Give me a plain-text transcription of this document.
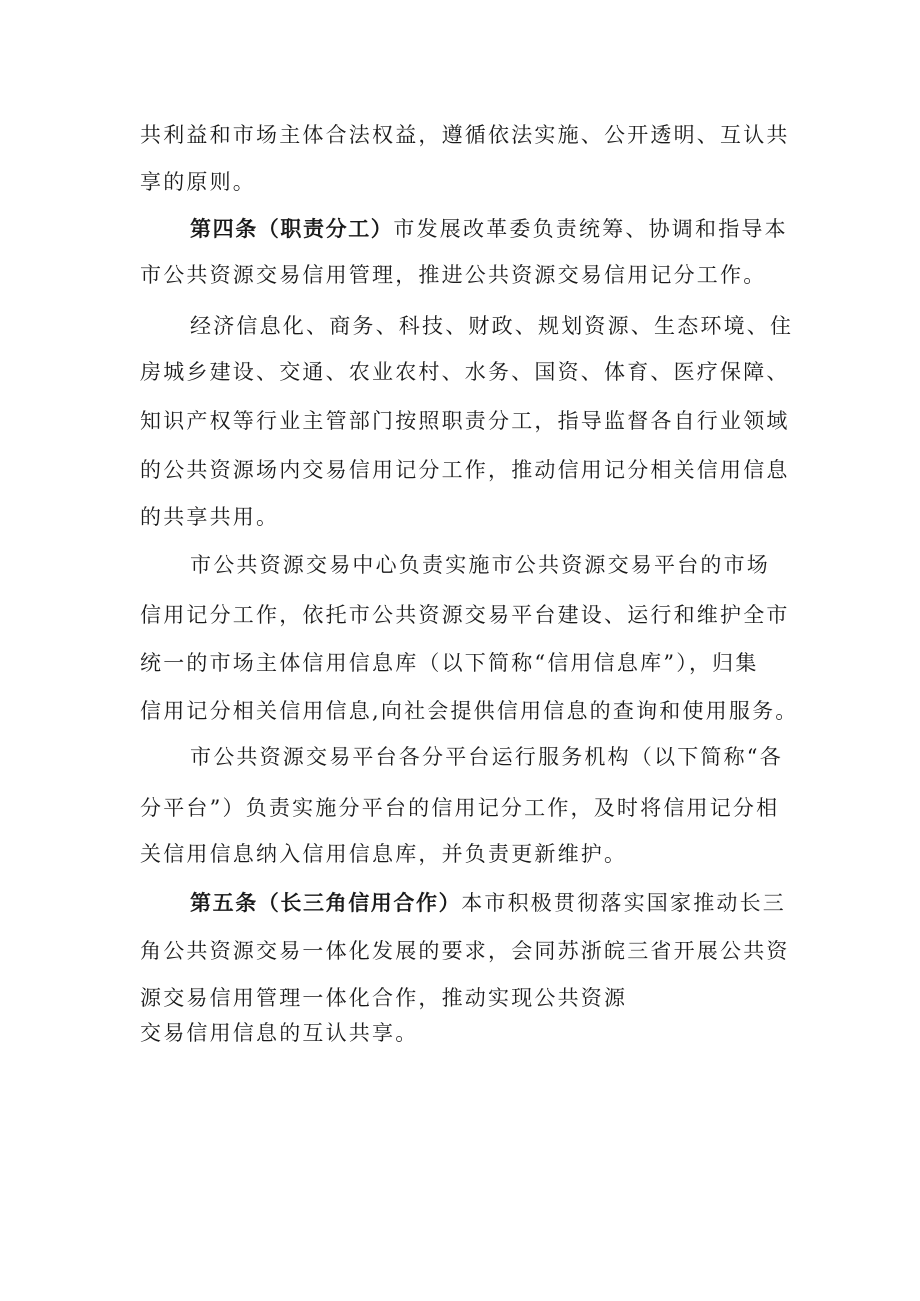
共利益和市场主体合法权益，遵循依法实施、公开透明、互认共
享的原则。
第四条（职责分工）市发展改革委负责统筹、协调和指导本
市公共资源交易信用管理，推进公共资源交易信用记分工作。
经济信息化、商务、科技、财政、规划资源、生态环境、住
房城乡建设、交通、农业农村、水务、国资、体育、医疗保障、
知识产权等行业主管部门按照职责分工，指导监督各自行业领域
的公共资源场内交易信用记分工作，推动信用记分相关信用信息
的共享共用。
市公共资源交易中心负责实施市公共资源交易平台的市场
信用记分工作，依托市公共资源交易平台建设、运行和维护全市
统一的市场主体信用信息库（以下简称“信用信息库”），归集
信用记分相关信用信息,向社会提供信用信息的查询和使用服务。
市公共资源交易平台各分平台运行服务机构（以下简称“各
分平台”）负责实施分平台的信用记分工作，及时将信用记分相
关信用信息纳入信用信息库，并负责更新维护。
第五条（长三角信用合作）本市积极贯彻落实国家推动长三
角公共资源交易一体化发展的要求，会同苏浙皖三省开展公共资
源交易信用管理一体化合作，推动实现公共资源
交易信用信息的互认共享。
